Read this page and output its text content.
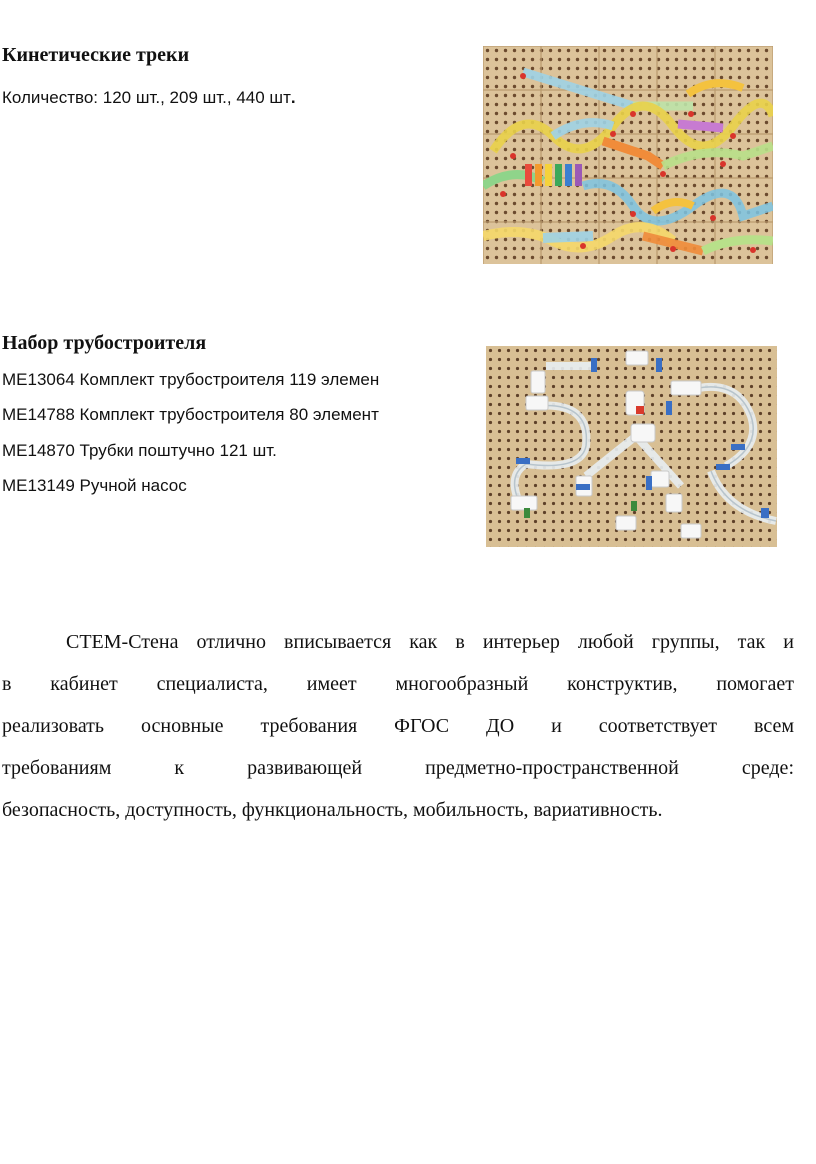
Кинетические треки
Количество: 120 шт., 209 шт., 440 шт.
Набор трубостроителя
ME13064 Комплект трубостроителя 119 элемен
ME14788 Комплект трубостроителя 80 элемент
ME14870 Трубки поштучно 121 шт.
ME13149 Ручной насос
СТЕМ-Стена отлично вписывается как в интерьер любой группы, так и
в кабинет специалиста, имеет многообразный конструктив, помогает
реализовать основные требования ФГОС ДО и соответствует всем
требованиям к развивающей предметно-пространственной среде:
безопасность, доступность, функциональность, мобильность, вариативность.
